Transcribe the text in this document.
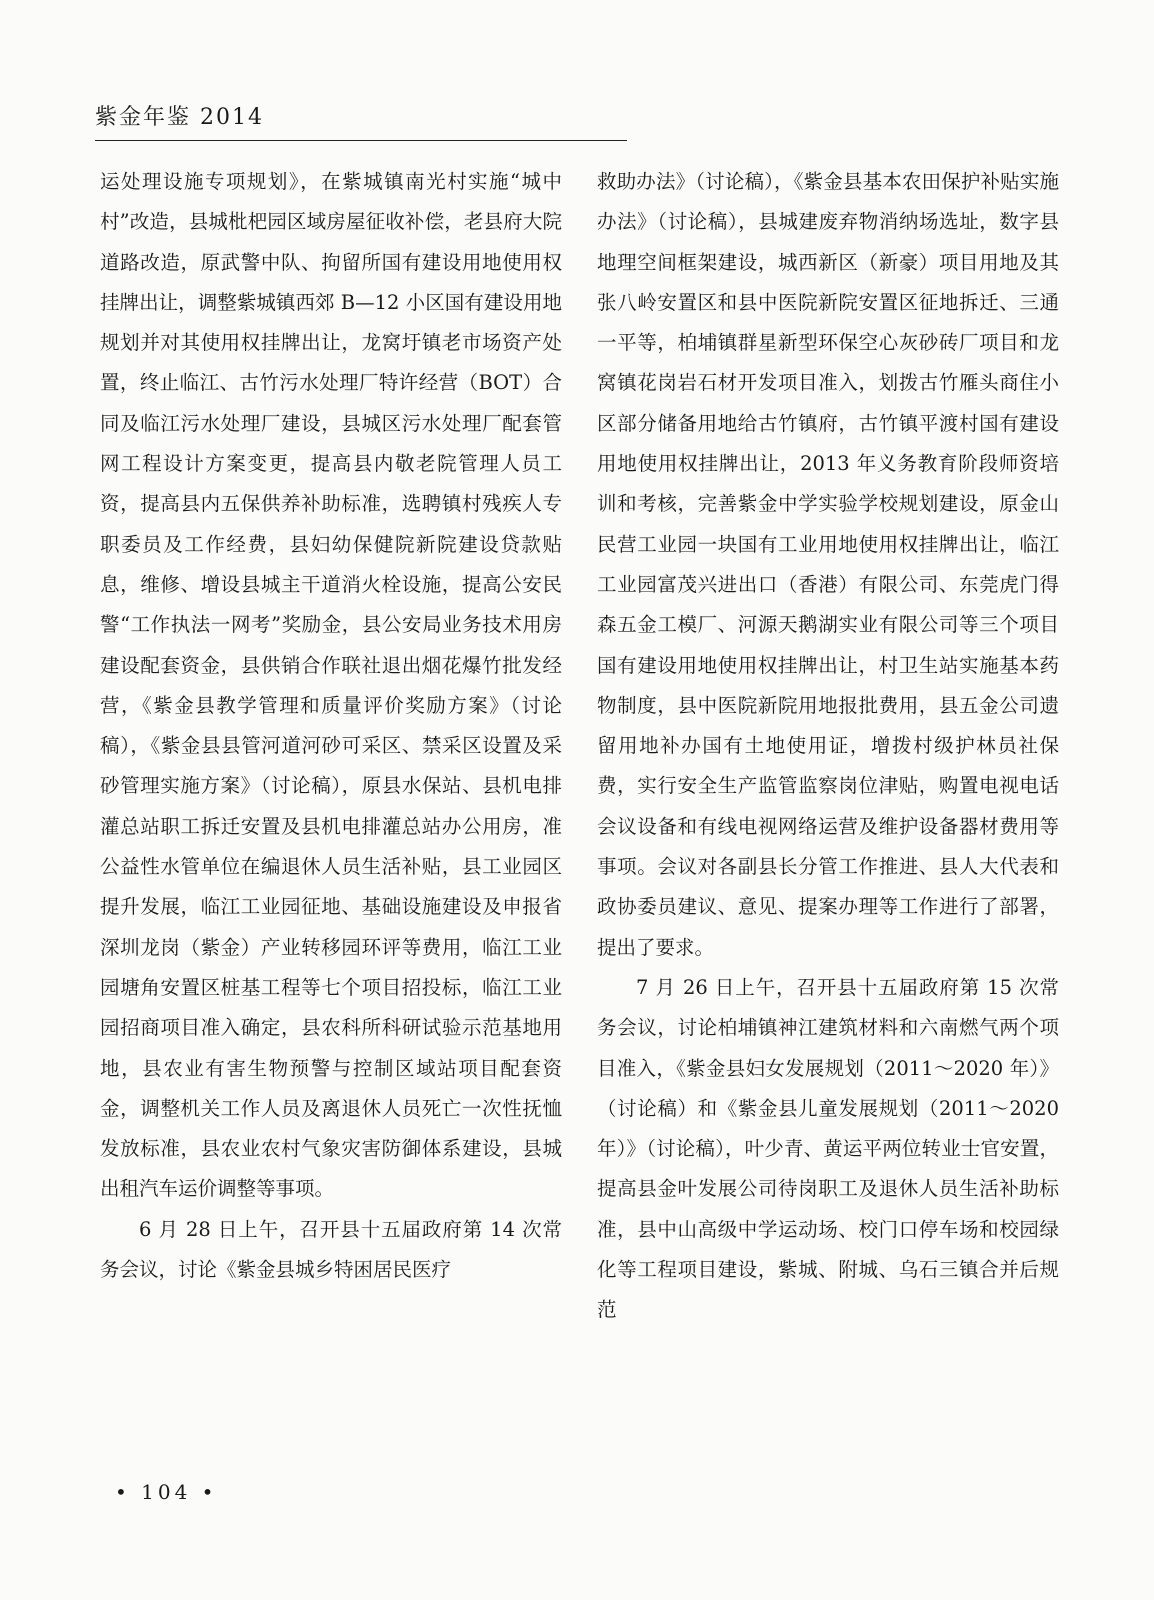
紫金年鉴 2014

运处理设施专项规划》，在紫城镇南光村实施“城中村”改造，县城枇杷园区域房屋征收补偿，老县府大院道路改造，原武警中队、拘留所国有建设用地使用权挂牌出让，调整紫城镇西郊 B—12 小区国有建设用地规划并对其使用权挂牌出让，龙窝圩镇老市场资产处置，终止临江、古竹污水处理厂特许经营（BOT）合同及临江污水处理厂建设，县城区污水处理厂配套管网工程设计方案变更，提高县内敬老院管理人员工资，提高县内五保供养补助标准，选聘镇村残疾人专职委员及工作经费，县妇幼保健院新院建设贷款贴息，维修、增设县城主干道消火栓设施，提高公安民警“工作执法一网考”奖励金，县公安局业务技术用房建设配套资金，县供销合作联社退出烟花爆竹批发经营，《紫金县教学管理和质量评价奖励方案》（讨论稿），《紫金县县管河道河砂可采区、禁采区设置及采砂管理实施方案》（讨论稿），原县水保站、县机电排灌总站职工拆迁安置及县机电排灌总站办公用房，准公益性水管单位在编退休人员生活补贴，县工业园区提升发展，临江工业园征地、基础设施建设及申报省深圳龙岗（紫金）产业转移园环评等费用，临江工业园塘角安置区桩基工程等七个项目招投标，临江工业园招商项目准入确定，县农科所科研试验示范基地用地，县农业有害生物预警与控制区域站项目配套资金，调整机关工作人员及离退休人员死亡一次性抚恤发放标准，县农业农村气象灾害防御体系建设，县城出租汽车运价调整等事项。

6 月 28 日上午，召开县十五届政府第 14 次常务会议，讨论《紫金县城乡特困居民医疗

救助办法》（讨论稿），《紫金县基本农田保护补贴实施办法》（讨论稿），县城建废弃物消纳场选址，数字县地理空间框架建设，城西新区（新豪）项目用地及其张八岭安置区和县中医院新院安置区征地拆迁、三通一平等，柏埔镇群星新型环保空心灰砂砖厂项目和龙窝镇花岗岩石材开发项目准入，划拨古竹雁头商住小区部分储备用地给古竹镇府，古竹镇平渡村国有建设用地使用权挂牌出让，2013 年义务教育阶段师资培训和考核，完善紫金中学实验学校规划建设，原金山民营工业园一块国有工业用地使用权挂牌出让，临江工业园富茂兴进出口（香港）有限公司、东莞虎门得森五金工模厂、河源天鹅湖实业有限公司等三个项目国有建设用地使用权挂牌出让，村卫生站实施基本药物制度，县中医院新院用地报批费用，县五金公司遗留用地补办国有土地使用证，增拨村级护林员社保费，实行安全生产监管监察岗位津贴，购置电视电话会议设备和有线电视网络运营及维护设备器材费用等事项。会议对各副县长分管工作推进、县人大代表和政协委员建议、意见、提案办理等工作进行了部署，提出了要求。

7 月 26 日上午，召开县十五届政府第 15 次常务会议，讨论柏埔镇神江建筑材料和六南燃气两个项目准入，《紫金县妇女发展规划（2011～2020 年）》（讨论稿）和《紫金县儿童发展规划（2011～2020 年）》（讨论稿），叶少青、黄运平两位转业士官安置，提高县金叶发展公司待岗职工及退休人员生活补助标准，县中山高级中学运动场、校门口停车场和校园绿化等工程项目建设，紫城、附城、乌石三镇合并后规范

• 104 •
